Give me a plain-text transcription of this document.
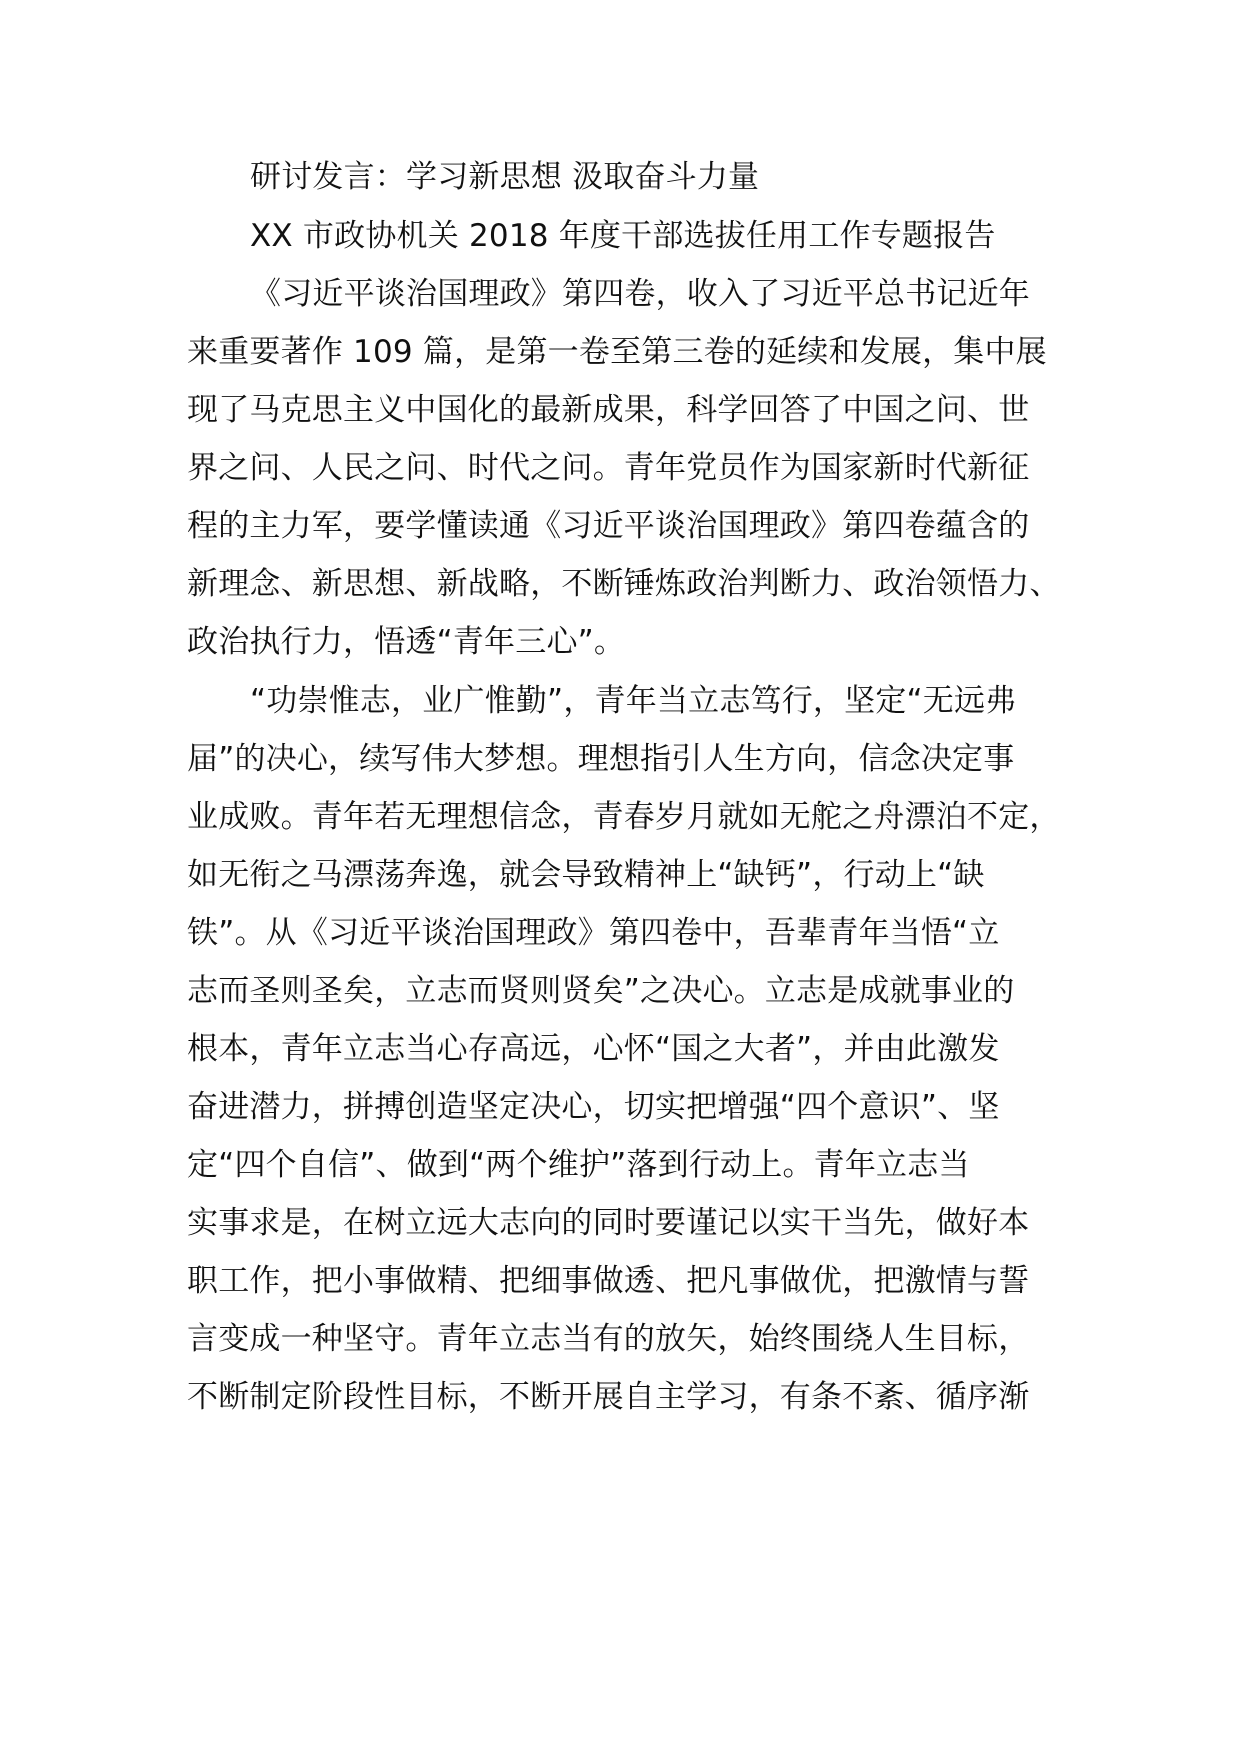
研讨发言：学习新思想 汲取奋斗力量

XX 市政协机关 2018 年度干部选拔任用工作专题报告

《习近平谈治国理政》第四卷，收入了习近平总书记近年

来重要著作 109 篇，是第一卷至第三卷的延续和发展，集中展

现了马克思主义中国化的最新成果，科学回答了中国之问、世

界之问、人民之问、时代之问。青年党员作为国家新时代新征

程的主力军，要学懂读通《习近平谈治国理政》第四卷蕴含的

新理念、新思想、新战略，不断锤炼政治判断力、政治领悟力、

政治执行力，悟透“青年三心”。

“功崇惟志，业广惟勤”，青年当立志笃行，坚定“无远弗

届”的决心，续写伟大梦想。理想指引人生方向，信念决定事

业成败。青年若无理想信念，青春岁月就如无舵之舟漂泊不定，

如无衔之马漂荡奔逸，就会导致精神上“缺钙”，行动上“缺

铁”。从《习近平谈治国理政》第四卷中，吾辈青年当悟“立

志而圣则圣矣，立志而贤则贤矣”之决心。立志是成就事业的

根本，青年立志当心存高远，心怀“国之大者”，并由此激发

奋进潜力，拼搏创造坚定决心，切实把增强“四个意识”、坚

定“四个自信”、做到“两个维护”落到行动上。青年立志当

实事求是，在树立远大志向的同时要谨记以实干当先，做好本

职工作，把小事做精、把细事做透、把凡事做优，把激情与誓

言变成一种坚守。青年立志当有的放矢，始终围绕人生目标，

不断制定阶段性目标，不断开展自主学习，有条不紊、循序渐
